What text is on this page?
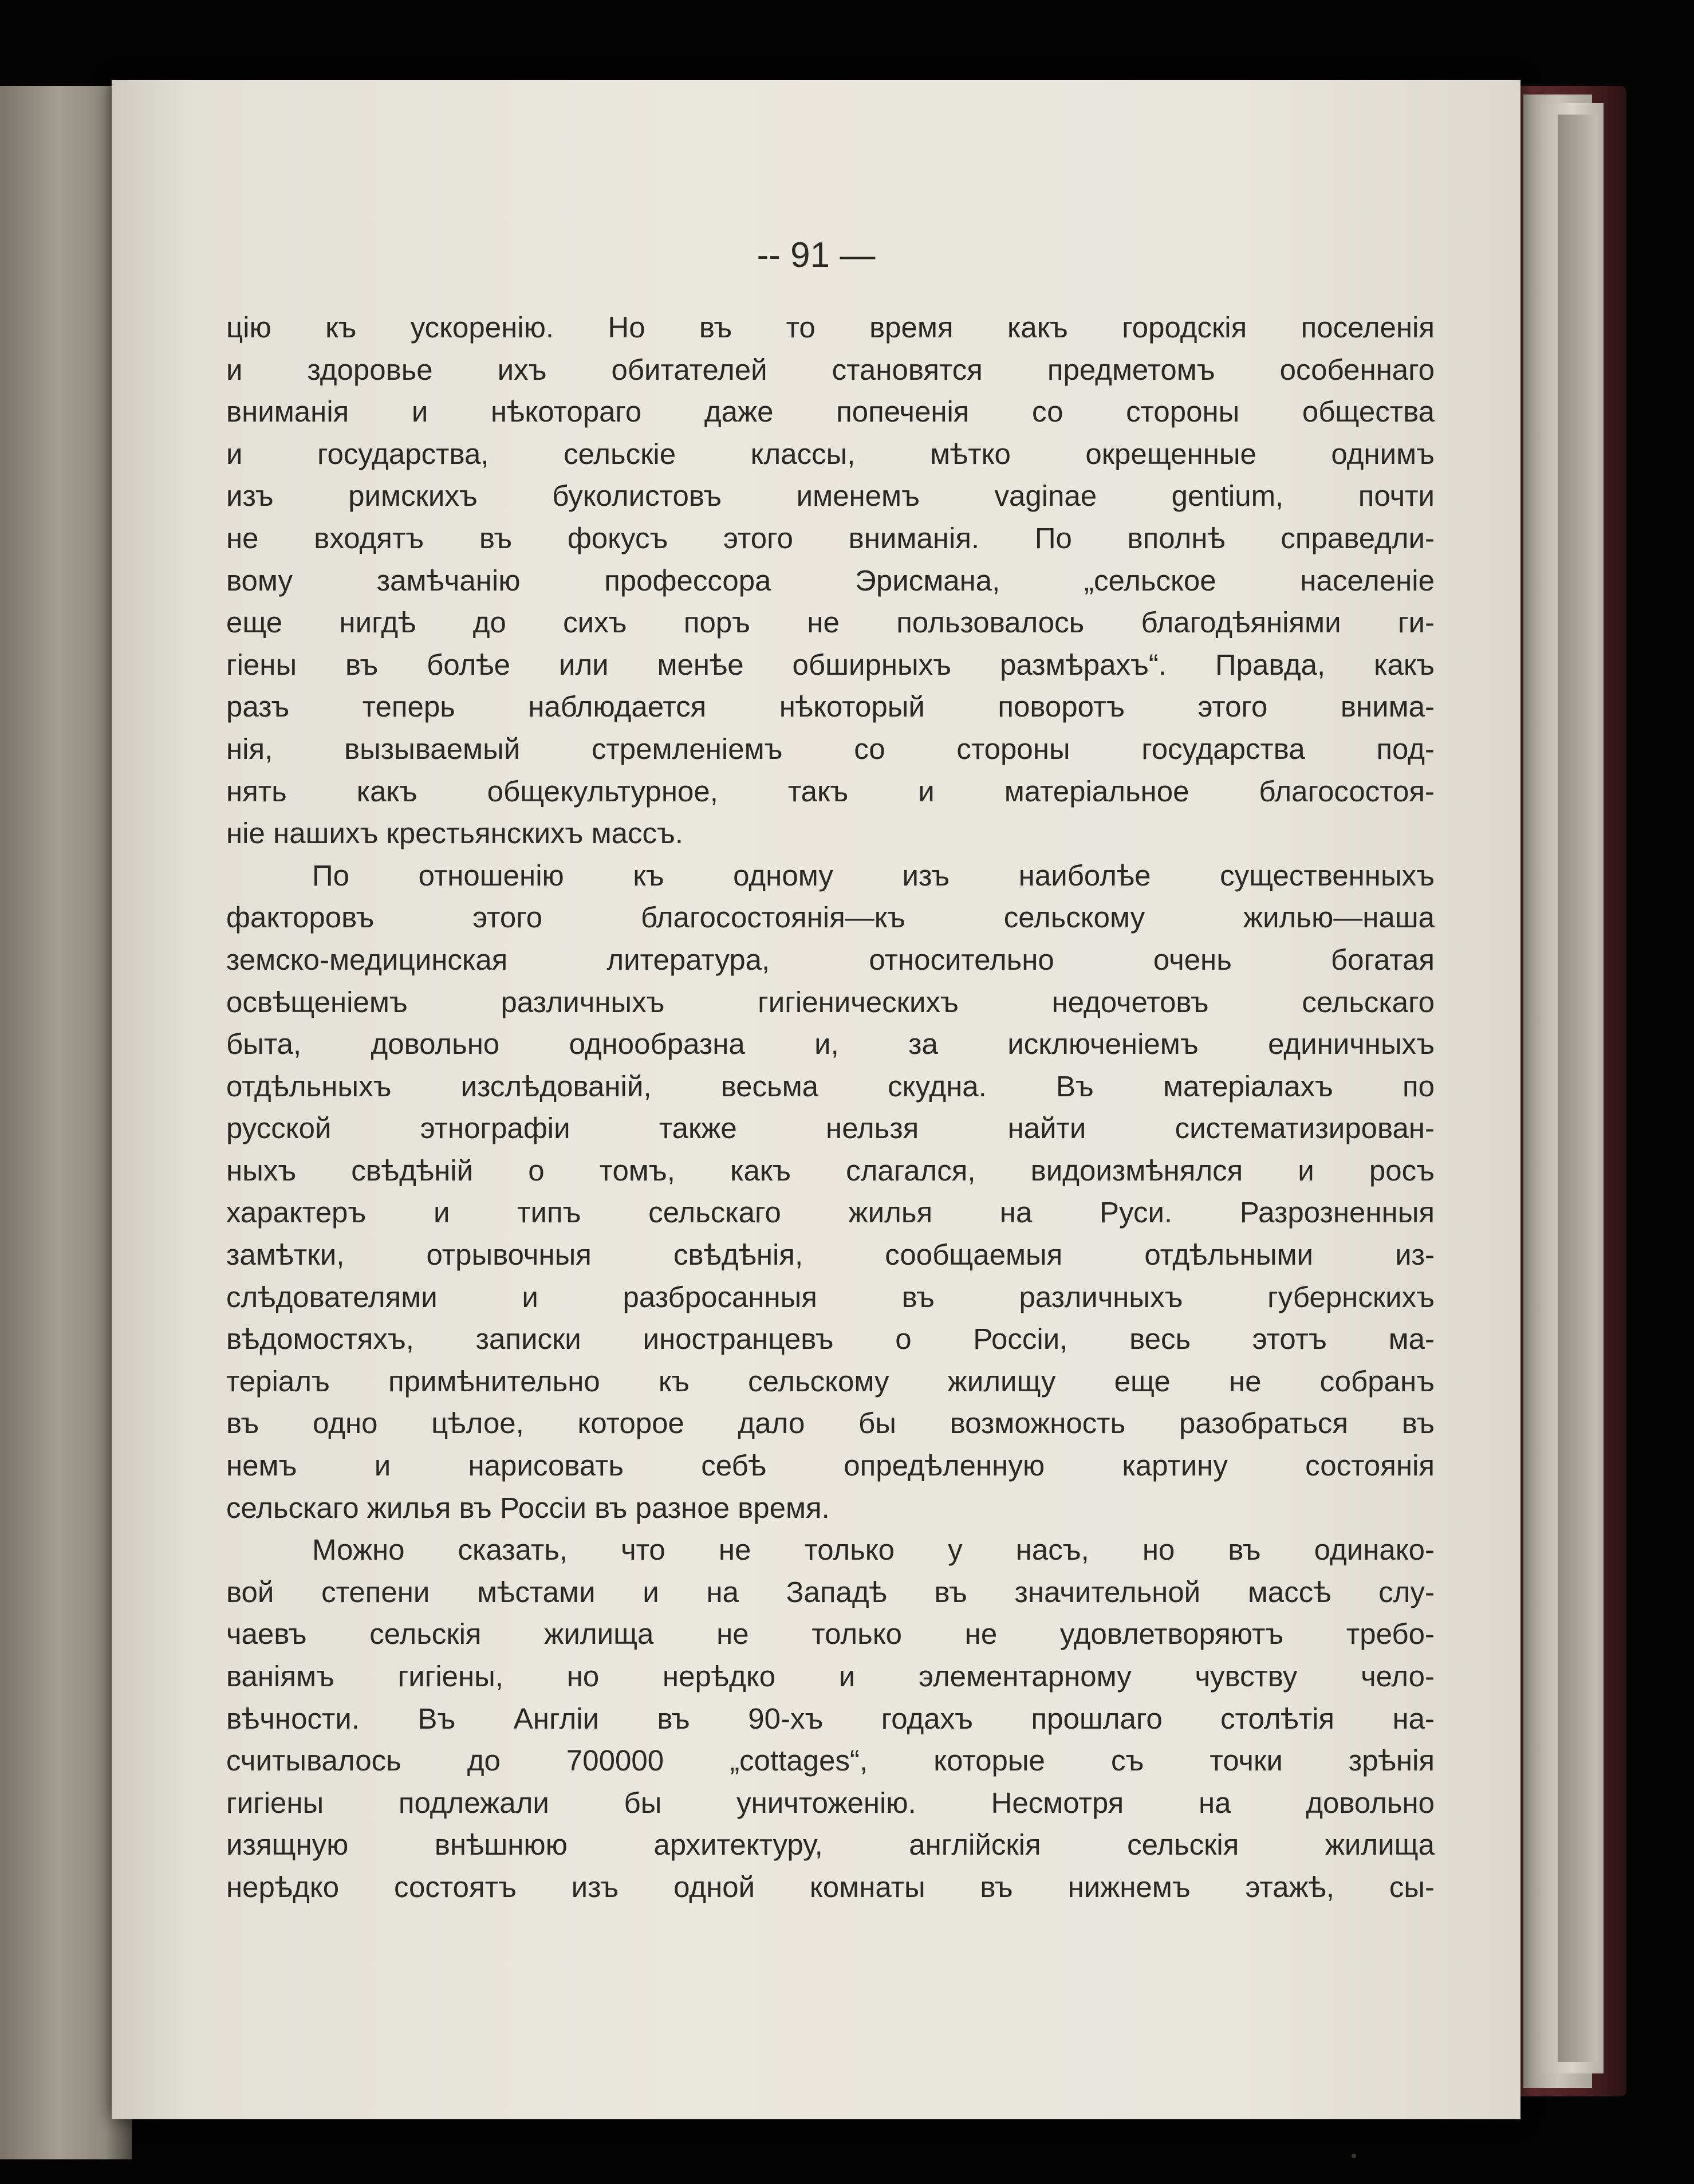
-- 91 —
цію къ ускоренію. Но въ то время какъ городскія поселенія
и здоровье ихъ обитателей становятся предметомъ особеннаго
вниманія и нѣкотораго даже попеченія со стороны общества
и государства, сельскіе классы, мѣтко окрещенные однимъ
изъ римскихъ буколистовъ именемъ vaginae gentium, почти
не входятъ въ фокусъ этого вниманія. По вполнѣ справедли-
вому замѣчанію профессора Эрисмана, „сельское населеніе
еще нигдѣ до сихъ поръ не пользовалось благодѣяніями ги-
гіены въ болѣе или менѣе обширныхъ размѣрахъ“. Правда, какъ
разъ теперь наблюдается нѣкоторый поворотъ этого внима-
нія, вызываемый стремленіемъ со стороны государства под-
нять какъ общекультурное, такъ и матеріальное благосостоя-
ніе нашихъ крестьянскихъ массъ.
По отношенію къ одному изъ наиболѣе существенныхъ
факторовъ этого благосостоянія—къ сельскому жилью—наша
земско-медицинская литература, относительно очень богатая
освѣщеніемъ различныхъ гигіеническихъ недочетовъ сельскаго
быта, довольно однообразна и, за исключеніемъ единичныхъ
отдѣльныхъ изслѣдованій, весьма скудна. Въ матеріалахъ по
русской этнографіи также нельзя найти систематизирован-
ныхъ свѣдѣній о томъ, какъ слагался, видоизмѣнялся и росъ
характеръ и типъ сельскаго жилья на Руси. Разрозненныя
замѣтки, отрывочныя свѣдѣнія, сообщаемыя отдѣльными из-
слѣдователями и разбросанныя въ различныхъ губернскихъ
вѣдомостяхъ, записки иностранцевъ о Россіи, весь этотъ ма-
теріалъ примѣнительно къ сельскому жилищу еще не собранъ
въ одно цѣлое, которое дало бы возможность разобраться въ
немъ и нарисовать себѣ опредѣленную картину состоянія
сельскаго жилья въ Россіи въ разное время.
Можно сказать, что не только у насъ, но въ одинако-
вой степени мѣстами и на Западѣ въ значительной массѣ слу-
чаевъ сельскія жилища не только не удовлетворяютъ требо-
ваніямъ гигіены, но нерѣдко и элементарному чувству чело-
вѣчности. Въ Англіи въ 90-хъ годахъ прошлаго столѣтія на-
считывалось до 700000 „cottages“, которые съ точки зрѣнія
гигіены подлежали бы уничтоженію. Несмотря на довольно
изящную внѣшнюю архитектуру, англійскія сельскія жилища
нерѣдко состоятъ изъ одной комнаты въ нижнемъ этажѣ, сы-
